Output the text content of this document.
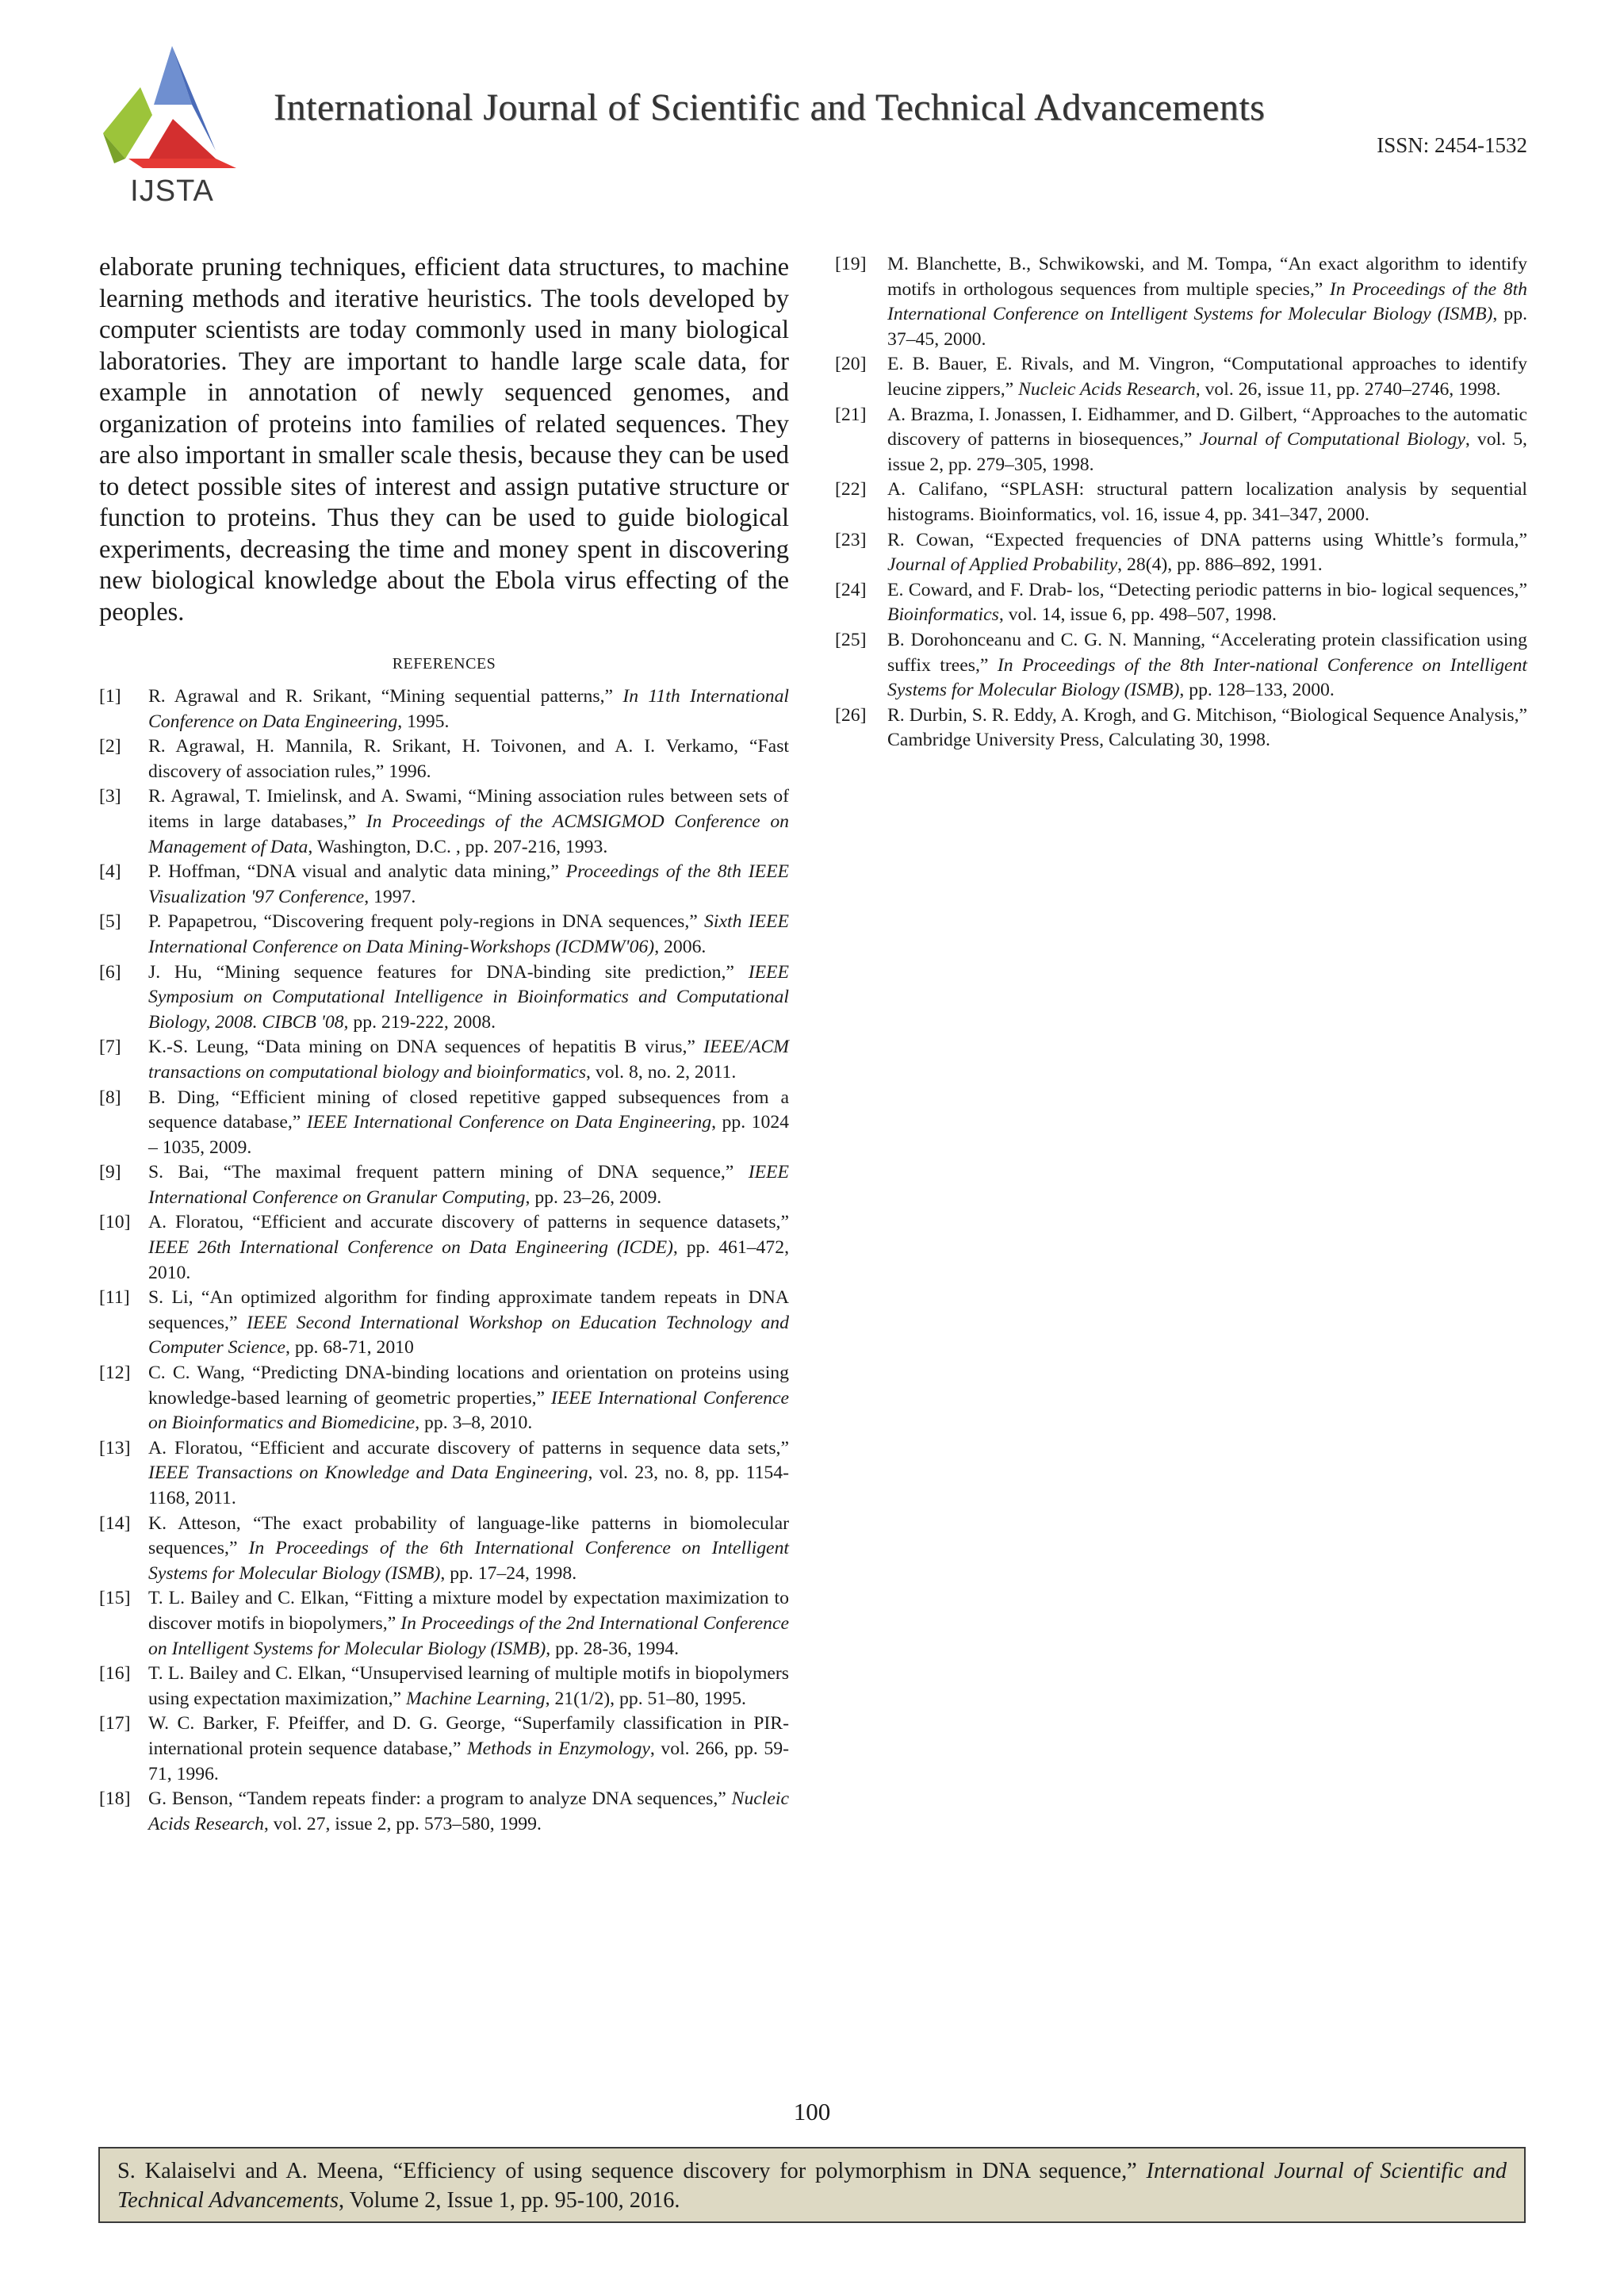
IJSTA
International Journal of Scientific and Technical Advancements
ISSN: 2454-1532

elaborate pruning techniques, efficient data structures, to machine learning methods and iterative heuristics. The tools developed by computer scientists are today commonly used in many biological laboratories. They are important to handle large scale data, for example in annotation of newly sequenced genomes, and organization of proteins into families of related sequences. They are also important in smaller scale thesis, because they can be used to detect possible sites of interest and assign putative structure or function to proteins. Thus they can be used to guide biological experiments, decreasing the time and money spent in discovering new biological knowledge about the Ebola virus effecting of the peoples.

references
[1]	R. Agrawal and R. Srikant, “Mining sequential patterns,” In 11th International Conference on Data Engineering, 1995.
[2]	R. Agrawal, H. Mannila, R. Srikant, H. Toivonen, and A. I. Verkamo, “Fast discovery of association rules,” 1996.
[3]	R. Agrawal, T. Imielinsk, and A. Swami, “Mining association rules between sets of items in large databases,” In Proceedings of the ACMSIGMOD Conference on Management of Data, Washington, D.C. , pp. 207-216, 1993.
[4]	P. Hoffman, “DNA visual and analytic data mining,” Proceedings of the 8th IEEE Visualization '97 Conference, 1997.
[5]	P. Papapetrou, “Discovering frequent poly-regions in DNA sequences,” Sixth IEEE International Conference on Data Mining-Workshops (ICDMW'06), 2006.
[6]	J. Hu, “Mining sequence features for DNA-binding site prediction,” IEEE Symposium on Computational Intelligence in Bioinformatics and Computational Biology, 2008. CIBCB '08, pp. 219-222, 2008.
[7]	K.-S. Leung, “Data mining on DNA sequences of hepatitis B virus,” IEEE/ACM transactions on computational biology and bioinformatics, vol. 8, no. 2, 2011.
[8]	B. Ding, “Efficient mining of closed repetitive gapped subsequences from a sequence database,” IEEE International Conference on Data Engineering, pp. 1024 – 1035, 2009.
[9]	S. Bai, “The maximal frequent pattern mining of DNA sequence,” IEEE International Conference on Granular Computing, pp. 23–26, 2009.
[10] A. Floratou, “Efficient and accurate discovery of patterns in sequence datasets,” IEEE 26th International Conference on Data Engineering (ICDE), pp. 461–472, 2010.
[11] S. Li, “An optimized algorithm for finding approximate tandem repeats in DNA sequences,” IEEE Second International Workshop on Education Technology and Computer Science, pp. 68-71, 2010
[12] C. C. Wang, “Predicting DNA-binding locations and orientation on proteins using knowledge-based learning of geometric properties,” IEEE International Conference on Bioinformatics and Biomedicine, pp. 3–8, 2010.
[13] A. Floratou, “Efficient and accurate discovery of patterns in sequence data sets,” IEEE Transactions on Knowledge and Data Engineering, vol. 23, no. 8, pp. 1154-1168, 2011.
[14] K. Atteson, “The exact probability of language-like patterns in biomolecular sequences,” In Proceedings of the 6th International Conference on Intelligent Systems for Molecular Biology (ISMB), pp. 17–24, 1998.
[15] T. L. Bailey and C. Elkan, “Fitting a mixture model by expectation maximization to discover motifs in biopolymers,” In Proceedings of the 2nd International Conference on Intelligent Systems for Molecular Biology (ISMB), pp. 28-36, 1994.
[16] T. L. Bailey and C. Elkan, “Unsupervised learning of multiple motifs in biopolymers using expectation maximization,” Machine Learning, 21(1/2), pp. 51–80, 1995.
[17] W. C. Barker, F. Pfeiffer, and D. G. George, “Superfamily classification in PIR-international protein sequence database,” Methods in Enzymology, vol. 266, pp. 59-71, 1996.
[18] G. Benson, “Tandem repeats finder: a program to analyze DNA sequences,” Nucleic Acids Research, vol. 27, issue 2, pp. 573–580, 1999.
[19]	M. Blanchette, B., Schwikowski, and M. Tompa, “An exact algorithm to identify motifs in orthologous sequences from multiple species,” In Proceedings of the 8th International Conference on Intelligent Systems for Molecular Biology (ISMB), pp. 37–45, 2000.
[20]	E. B. Bauer, E. Rivals, and M. Vingron, “Computational approaches to identify leucine zippers,” Nucleic Acids Research, vol. 26, issue 11, pp. 2740–2746, 1998.
[21]	A. Brazma, I. Jonassen, I. Eidhammer, and D. Gilbert, “Approaches to the automatic discovery of patterns in biosequences,” Journal of Computational Biology, vol. 5, issue 2, pp. 279–305, 1998.
[22]	A. Califano, “SPLASH: structural pattern localization analysis by sequential histograms. Bioinformatics, vol. 16, issue 4, pp. 341–347, 2000.
[23]	R. Cowan, “Expected frequencies of DNA patterns using Whittle’s formula,” Journal of Applied Probability, 28(4), pp. 886–892, 1991.
[24]	E. Coward, and F. Drab- los, “Detecting periodic patterns in bio- logical sequences,” Bioinformatics, vol. 14, issue 6, pp. 498–507, 1998.
[25]	B. Dorohonceanu and C. G. N. Manning, “Accelerating protein classification using suffix trees,” In Proceedings of the 8th Inter-national Conference on Intelligent Systems for Molecular Biology (ISMB), pp. 128–133, 2000.
[26]	R. Durbin, S. R. Eddy, A. Krogh, and G. Mitchison, “Biological Sequence Analysis,” Cambridge University Press, Calculating 30, 1998.
100
S. Kalaiselvi and A. Meena, “Efficiency of using sequence discovery for polymorphism in DNA sequence,” International Journal of Scientific and Technical Advancements, Volume 2, Issue 1, pp. 95-100, 2016.
